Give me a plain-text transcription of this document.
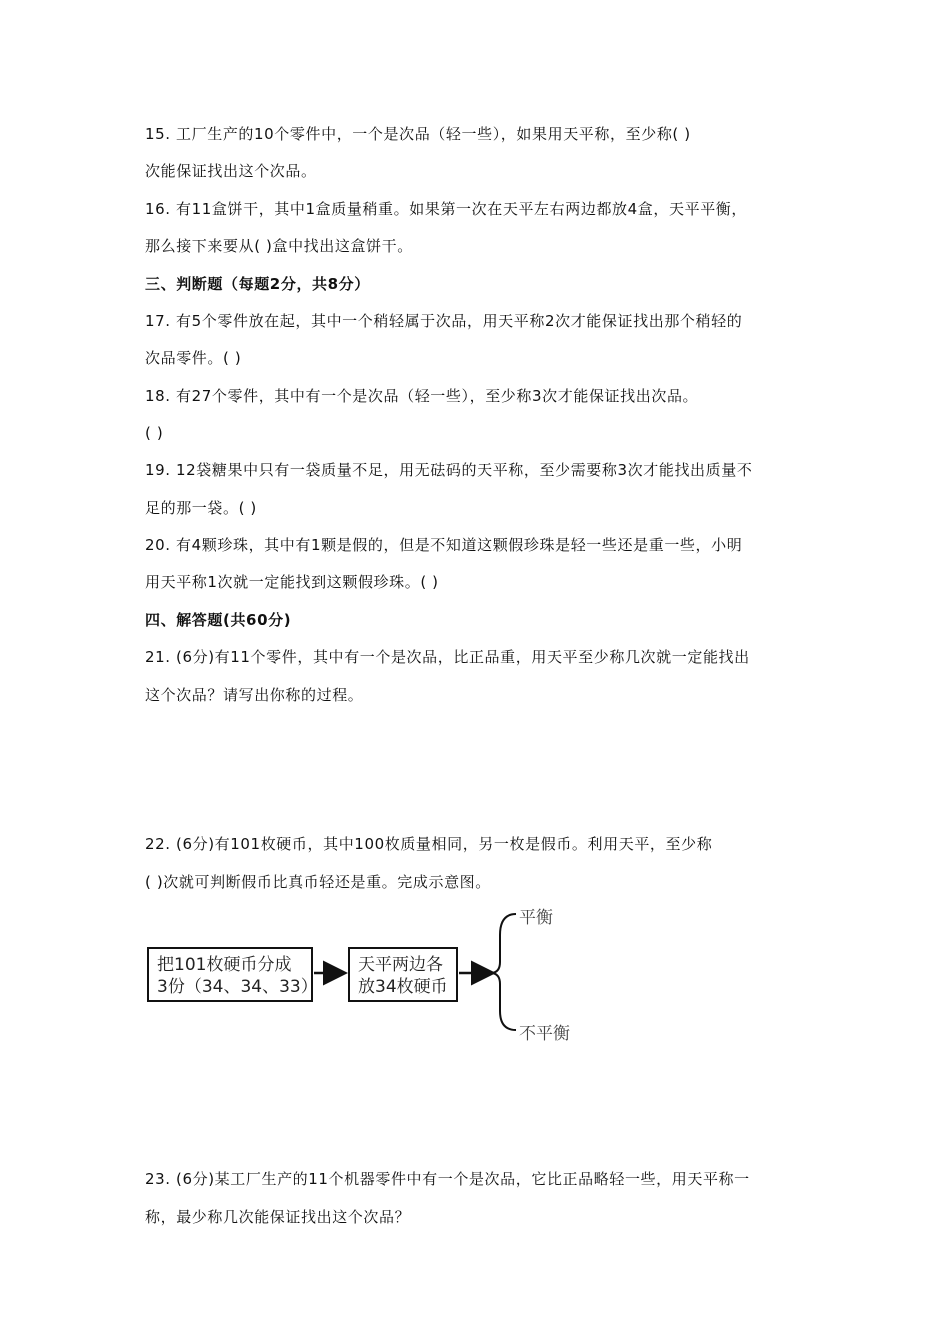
15. 工厂生产的10个零件中，一个是次品（轻一些），如果用天平称，至少称( )
次能保证找出这个次品。
16. 有11盒饼干，其中1盒质量稍重。如果第一次在天平左右两边都放4盒，天平平衡，
那么接下来要从( )盒中找出这盒饼干。
三、判断题（每题2分，共8分）
17. 有5个零件放在起，其中一个稍轻属于次品，用天平称2次才能保证找出那个稍轻的
次品零件。( )
18. 有27个零件，其中有一个是次品（轻一些），至少称3次才能保证找出次品。
( )
19. 12袋糖果中只有一袋质量不足，用无砝码的天平称，至少需要称3次才能找出质量不
足的那一袋。( )
20. 有4颗珍珠，其中有1颗是假的，但是不知道这颗假珍珠是轻一些还是重一些，小明
用天平称1次就一定能找到这颗假珍珠。( )
四、解答题(共60分)
21. (6分)有11个零件，其中有一个是次品，比正品重，用天平至少称几次就一定能找出
这个次品？请写出你称的过程。
22. (6分)有101枚硬币，其中100枚质量相同，另一枚是假币。利用天平，至少称
( )次就可判断假币比真币轻还是重。完成示意图。
把101枚硬币分成
3份（34、34、33）
天平两边各
放34枚硬币
平衡
不平衡
23. (6分)某工厂生产的11个机器零件中有一个是次品，它比正品略轻一些，用天平称一
称，最少称几次能保证找出这个次品？
